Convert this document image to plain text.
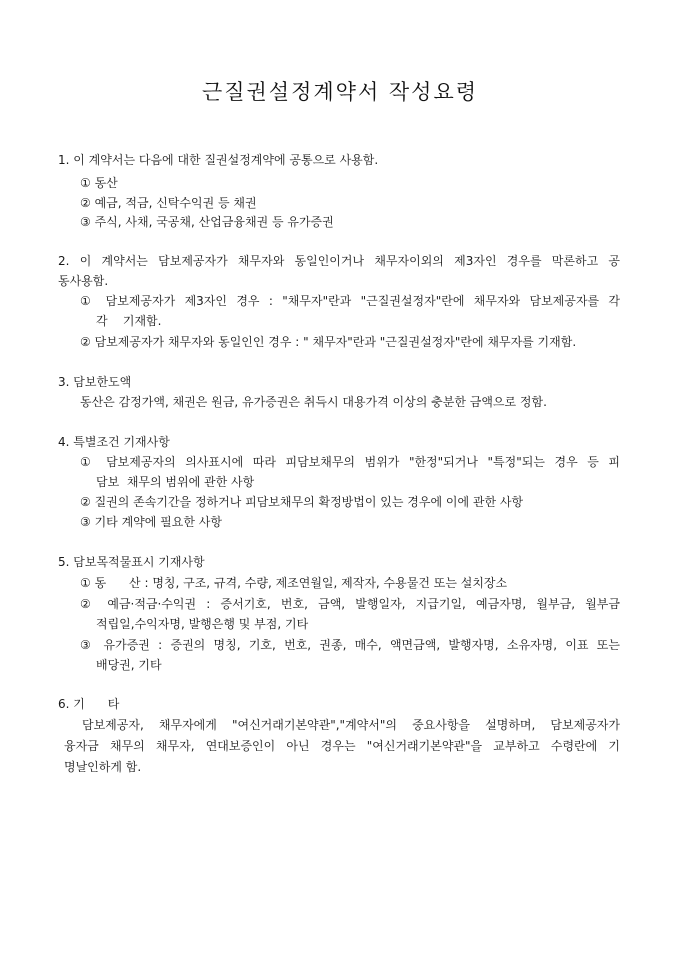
근질권설정계약서 작성요령
1. 이 계약서는 다음에 대한 질권설정계약에 공통으로 사용함.
① 동산
② 예금, 적금, 신탁수익권 등 채권
③ 주식, 사채, 국공채, 산업금융채권 등 유가증권
2. 이 계약서는 담보제공자가 채무자와 동일인이거나 채무자이외의 제3자인 경우를 막론하고 공
동사용함.
① 담보제공자가 제3자인 경우 : "채무자"란과 "근질권설정자"란에 채무자와 담보제공자를 각
각    기재함.
② 담보제공자가 채무자와 동일인인 경우 : " 채무자"란과 "근질권설정자"란에 채무자를 기재함.
3. 담보한도액
동산은 감정가액, 채권은 원금, 유가증권은 취득시 대용가격 이상의 충분한 금액으로 정함.
4. 특별조건 기재사항
① 담보제공자의 의사표시에 따라 피담보채무의 범위가 "한정"되거나 "특정"되는 경우 등 피
담보  채무의 범위에 관한 사항
② 질권의 존속기간을 정하거나 피담보채무의 확정방법이 있는 경우에 이에 관한 사항
③ 기타 계약에 필요한 사항
5. 담보목적물표시 기재사항
① 동      산 : 명칭, 구조, 규격, 수량, 제조연월일, 제작자, 수용물건 또는 설치장소
② 예금·적금·수익권 : 증서기호, 번호, 금액, 발행일자, 지급기일, 예금자명, 월부금, 월부금
적립일,수익자명, 발행은행 및 부점, 기타
③ 유가증권 : 증권의 명칭, 기호, 번호, 권종, 매수, 액면금액, 발행자명, 소유자명, 이표 또는
배당권, 기타
6. 기      타
담보제공자, 채무자에게 "여신거래기본약관","계약서"의 중요사항을 설명하며, 담보제공자가
융자금 채무의 채무자, 연대보증인이 아닌 경우는 "여신거래기본약관"을 교부하고 수령란에 기
명날인하게 함.
